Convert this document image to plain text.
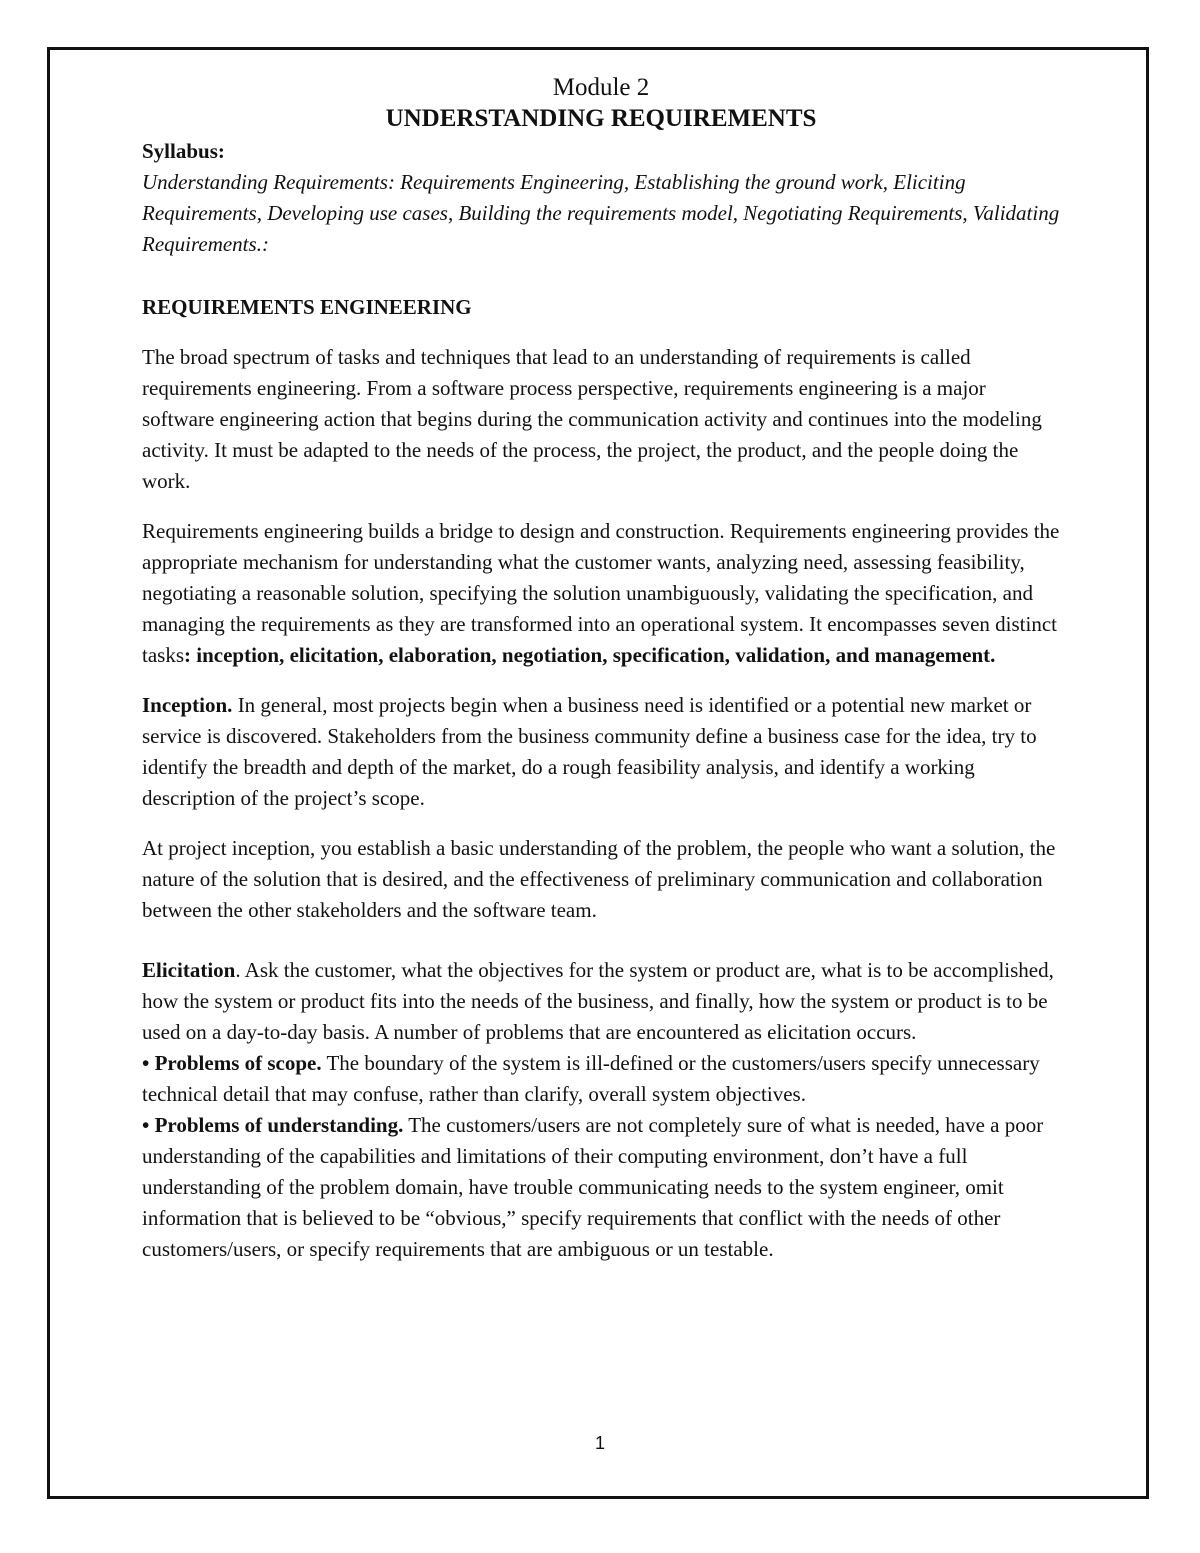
Module 2

UNDERSTANDING REQUIREMENTS

Syllabus:

Understanding Requirements: Requirements Engineering, Establishing the ground work, Eliciting Requirements, Developing use cases, Building the requirements model, Negotiating Requirements, Validating Requirements.:

REQUIREMENTS ENGINEERING

The broad spectrum of tasks and techniques that lead to an understanding of requirements is called requirements engineering. From a software process perspective, requirements engineering is a major software engineering action that begins during the communication activity and continues into the modeling activity. It must be adapted to the needs of the process, the project, the product, and the people doing the work.

Requirements engineering builds a bridge to design and construction. Requirements engineering provides the appropriate mechanism for understanding what the customer wants, analyzing need, assessing feasibility, negotiating a reasonable solution, specifying the solution unambiguously, validating the specification, and managing the requirements as they are transformed into an operational system. It encompasses seven distinct tasks: inception, elicitation, elaboration, negotiation, specification, validation, and management.

Inception. In general, most projects begin when a business need is identified or a potential new market or service is discovered. Stakeholders from the business community define a business case for the idea, try to identify the breadth and depth of the market, do a rough feasibility analysis, and identify a working description of the project’s scope.

At project inception, you establish a basic understanding of the problem, the people who want a solution, the nature of the solution that is desired, and the effectiveness of preliminary communication and collaboration between the other stakeholders and the software team.

Elicitation. Ask the customer, what the objectives for the system or product are, what is to be accomplished, how the system or product fits into the needs of the business, and finally, how the system or product is to be used on a day-to-day basis. A number of problems that are encountered as elicitation occurs.

• Problems of scope. The boundary of the system is ill-defined or the customers/users specify unnecessary technical detail that may confuse, rather than clarify, overall system objectives.

• Problems of understanding. The customers/users are not completely sure of what is needed, have a poor understanding of the capabilities and limitations of their computing environment, don’t have a full understanding of the problem domain, have trouble communicating needs to the system engineer, omit information that is believed to be “obvious,” specify requirements that conflict with the needs of other customers/users, or specify requirements that are ambiguous or un testable.

1
